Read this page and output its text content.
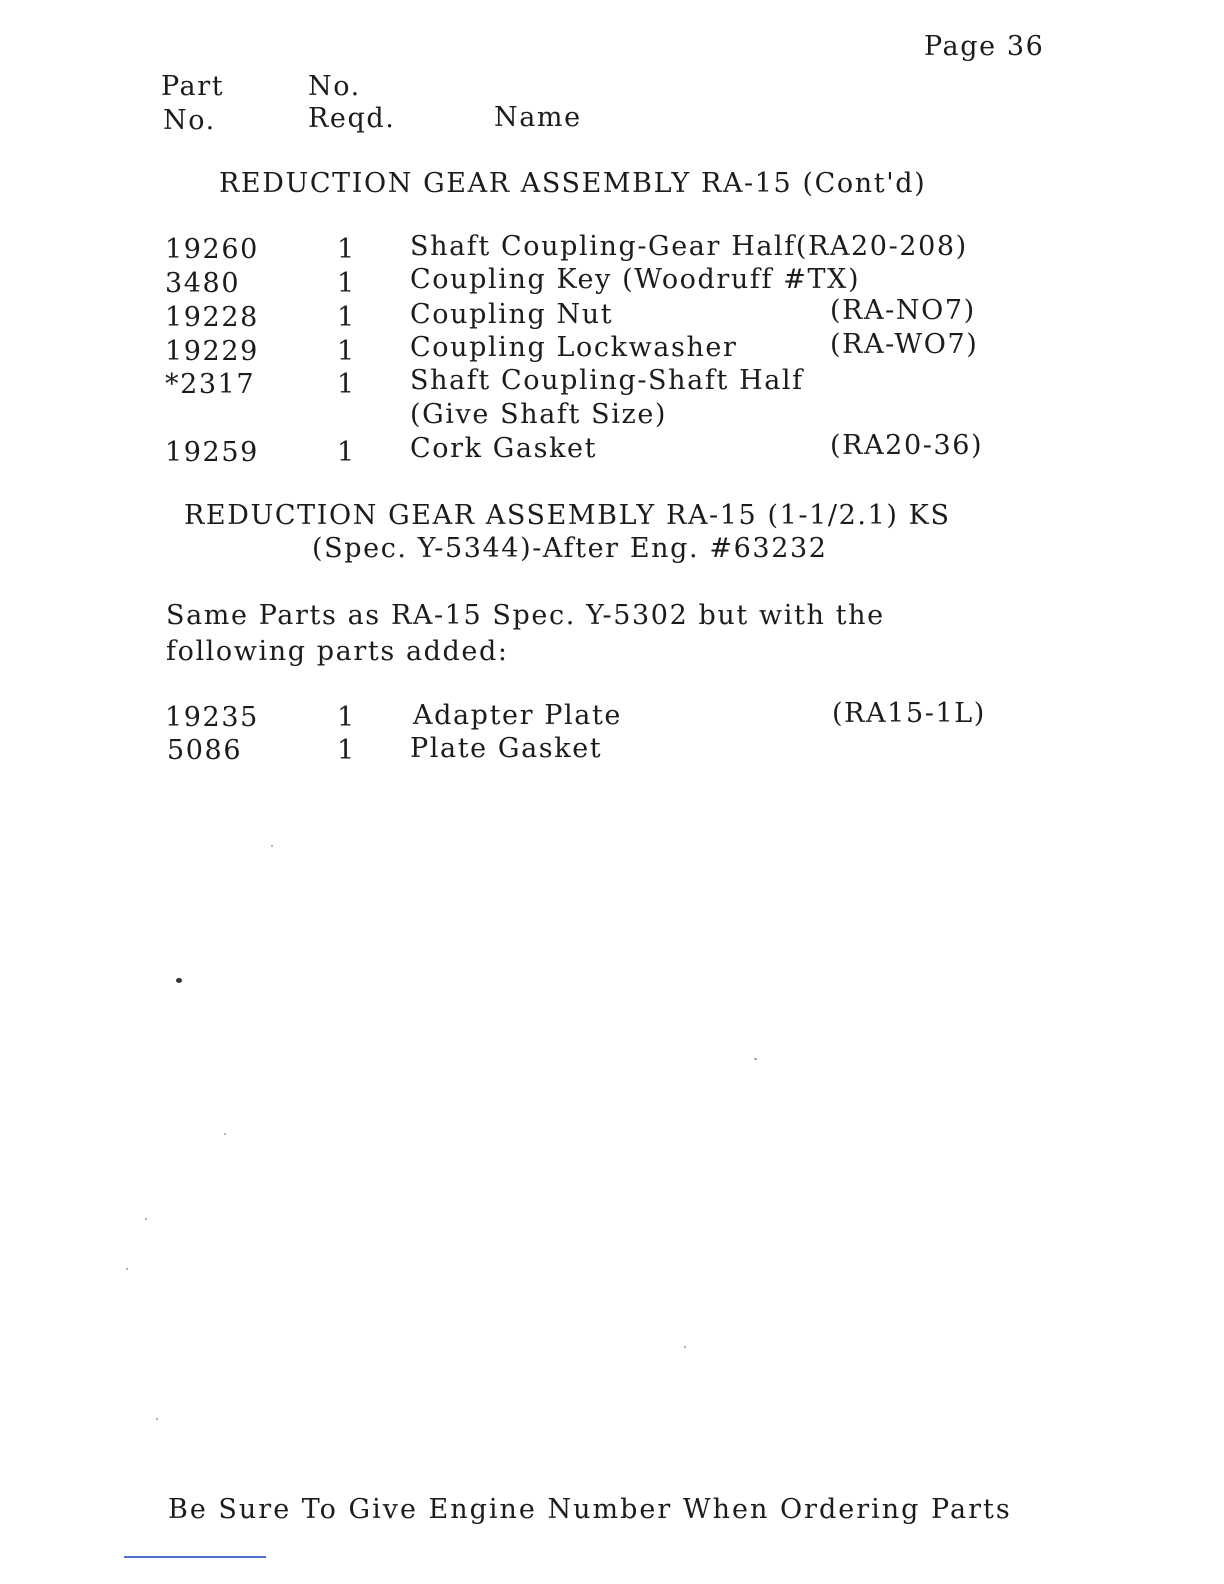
Page 36
Part
No.
No.
Reqd.	Name
REDUCTION GEAR ASSEMBLY RA-15 (Cont'd)
19260	1 Shaft Coupling-Gear Half(RA20-208)
3480	1 Coupling Key (Woodruff #TX)
19228	1 Coupling Nut	(RA-NO7)
19229	1 Coupling Lockwasher	(RA-WO7)
*2317	1 Shaft Coupling-Shaft Half
(Give Shaft Size)
19259	1 Cork Gasket	(RA20-36)
REDUCTION GEAR ASSEMBLY RA-15 (1-1/2.1) KS
(Spec. Y-5344)-After Eng. #63232
Same Parts as RA-15 Spec. Y-5302 but with the
following parts added:
19235	1 Adapter Plate	(RA15-1L)
5086	1 Plate Gasket
Be Sure To Give Engine Number When Ordering Parts
